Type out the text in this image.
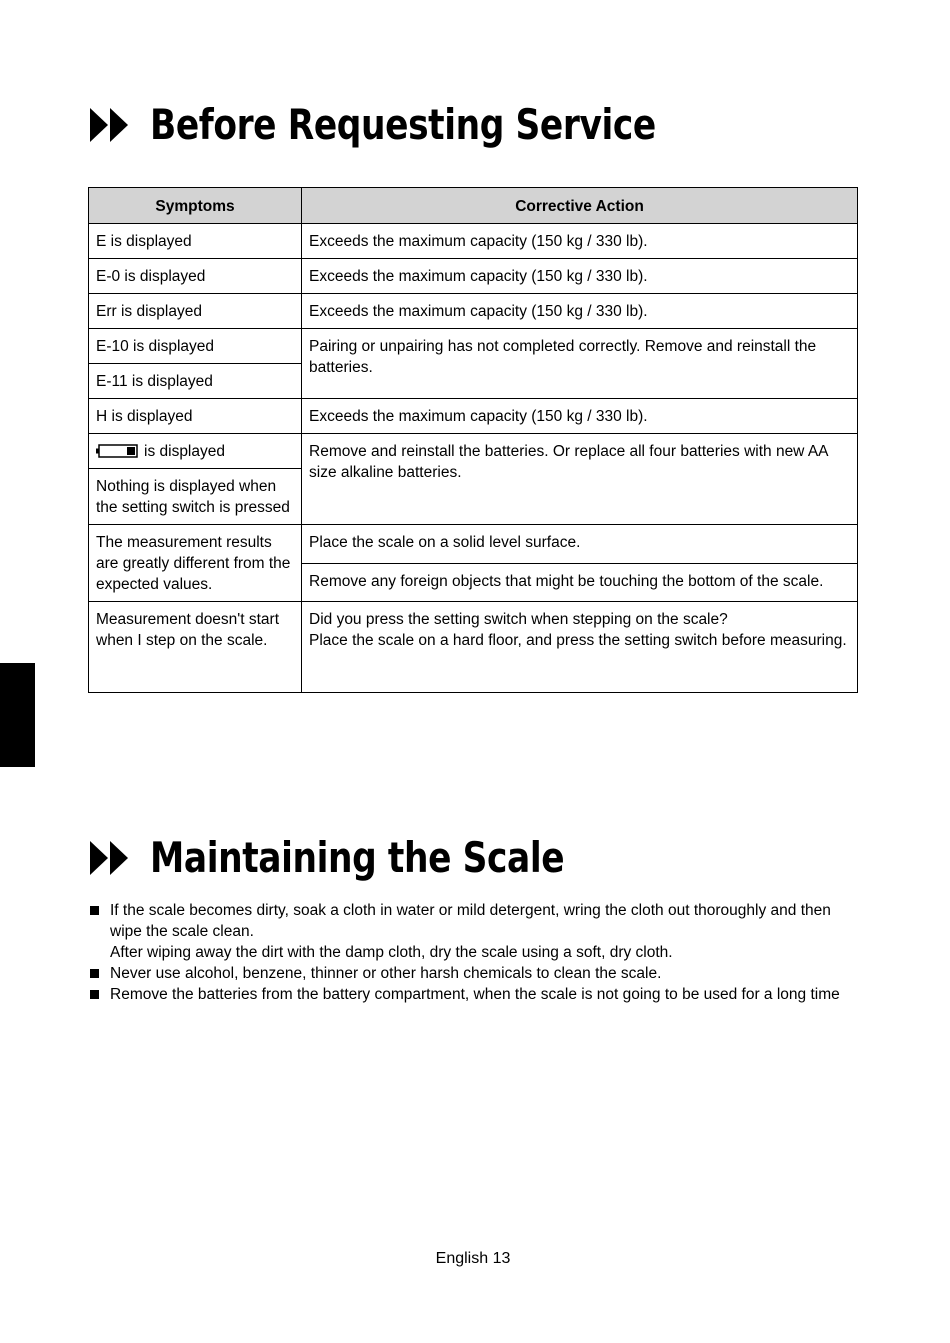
Before Requesting Service
Symptoms	Corrective Action
E is displayed	Exceeds the maximum capacity (150 kg / 330 lb).
E-0 is displayed	Exceeds the maximum capacity (150 kg / 330 lb).
Err is displayed	Exceeds the maximum capacity (150 kg / 330 lb).
E-10 is displayed	Pairing or unpairing has not completed correctly. Remove and reinstall the batteries.
E-11 is displayed	
H is displayed	Exceeds the maximum capacity (150 kg / 330 lb).
is displayed	Remove and reinstall the batteries. Or replace all four batteries with new AA size alkaline batteries.
Nothing is displayed when the setting switch is pressed	
The measurement results are greatly different from the expected values.	Place the scale on a solid level surface.
	Remove any foreign objects that might be touching the bottom of the scale.
Measurement doesn't start when I step on the scale.	Did you press the setting switch when stepping on the scale?
Place the scale on a hard floor, and press the setting switch before measuring.
Maintaining the Scale
If the scale becomes dirty, soak a cloth in water or mild detergent, wring the cloth out thoroughly and then wipe the scale clean.
After wiping away the dirt with the damp cloth, dry the scale using a soft, dry cloth.
Never use alcohol, benzene, thinner or other harsh chemicals to clean the scale.
Remove the batteries from the battery compartment, when the scale is not going to be used for a long time
English 13
